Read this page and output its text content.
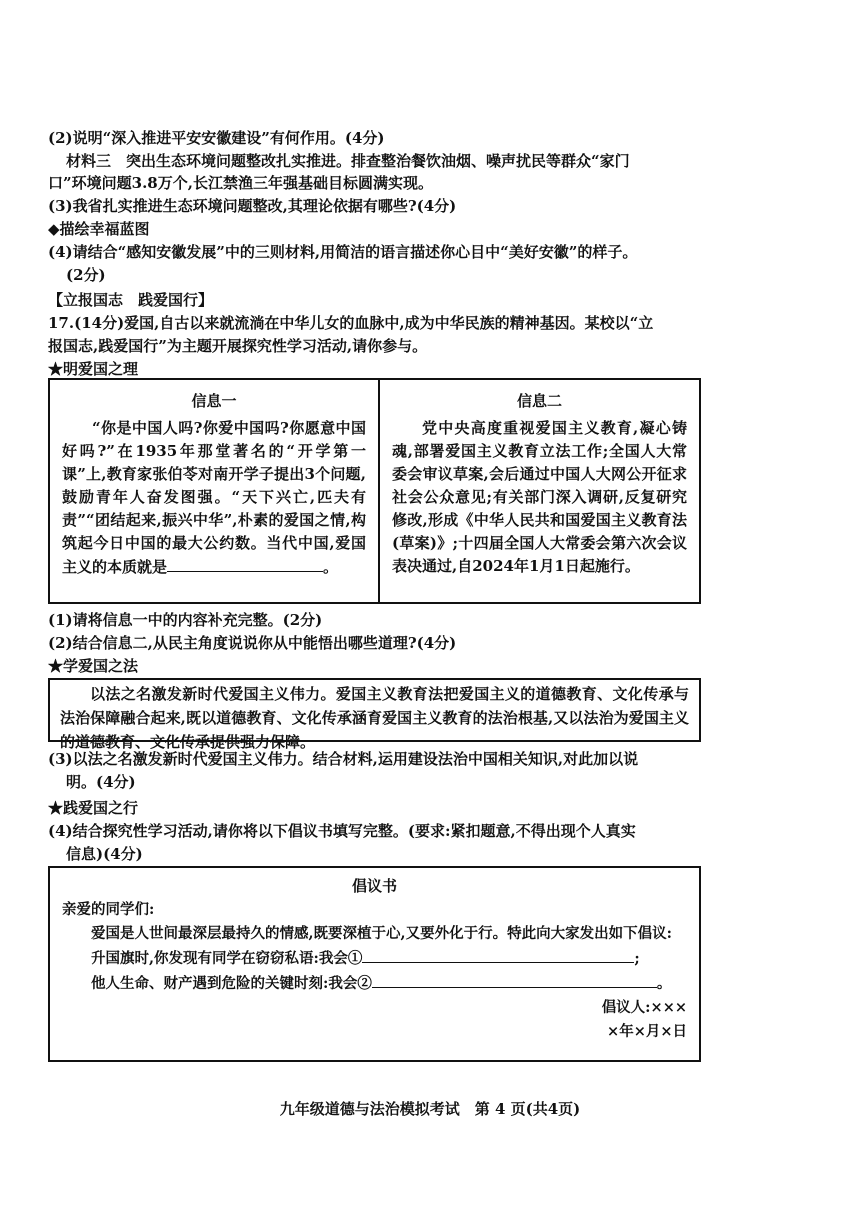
(2)说明“深入推进平安安徽建设”有何作用。(4分)
材料三　突出生态环境问题整改扎实推进。排查整治餐饮油烟、噪声扰民等群众“家门
口”环境问题3.8万个,长江禁渔三年强基础目标圆满实现。
(3)我省扎实推进生态环境问题整改,其理论依据有哪些?(4分)
◆描绘幸福蓝图
(4)请结合“感知安徽发展”中的三则材料,用简洁的语言描述你心目中“美好安徽”的样子。
(2分)
【立报国志　践爱国行】
17.(14分)爱国,自古以来就流淌在中华儿女的血脉中,成为中华民族的精神基因。某校以“立
报国志,践爱国行”为主题开展探究性学习活动,请你参与。
★明爱国之理
信息一
“你是中国人吗?你爱中国吗?你愿意中国好吗?”在1935年那堂著名的“开学第一课”上,教育家张伯苓对南开学子提出3个问题,鼓励青年人奋发图强。“天下兴亡,匹夫有责”“团结起来,振兴中华”,朴素的爱国之情,构筑起今日中国的最大公约数。当代中国,爱国主义的本质就是	。
信息二
党中央高度重视爱国主义教育,凝心铸魂,部署爱国主义教育立法工作;全国人大常委会审议草案,会后通过中国人大网公开征求社会公众意见;有关部门深入调研,反复研究修改,形成《中华人民共和国爱国主义教育法(草案)》;十四届全国人大常委会第六次会议表决通过,自2024年1月1日起施行。
(1)请将信息一中的内容补充完整。(2分)
(2)结合信息二,从民主角度说说你从中能悟出哪些道理?(4分)
★学爱国之法

以法之名激发新时代爱国主义伟力。爱国主义教育法把爱国主义的道德教育、文化传承与法治保障融合起来,既以道德教育、文化传承涵育爱国主义教育的法治根基,又以法治为爱国主义的道德教育、文化传承提供强力保障。

(3)以法之名激发新时代爱国主义伟力。结合材料,运用建设法治中国相关知识,对此加以说
明。(4分)
★践爱国之行
(4)结合探究性学习活动,请你将以下倡议书填写完整。(要求:紧扣题意,不得出现个人真实
信息)(4分)

倡议书

亲爱的同学们:

爱国是人世间最深层最持久的情感,既要深植于心,又要外化于行。特此向大家发出如下倡议:

升国旗时,你发现有同学在窃窃私语:我会①	;

他人生命、财产遇到危险的关键时刻:我会②	。

倡议人:×××

×年×月×日

九年级道德与法治模拟考试　第 4 页(共4页)
